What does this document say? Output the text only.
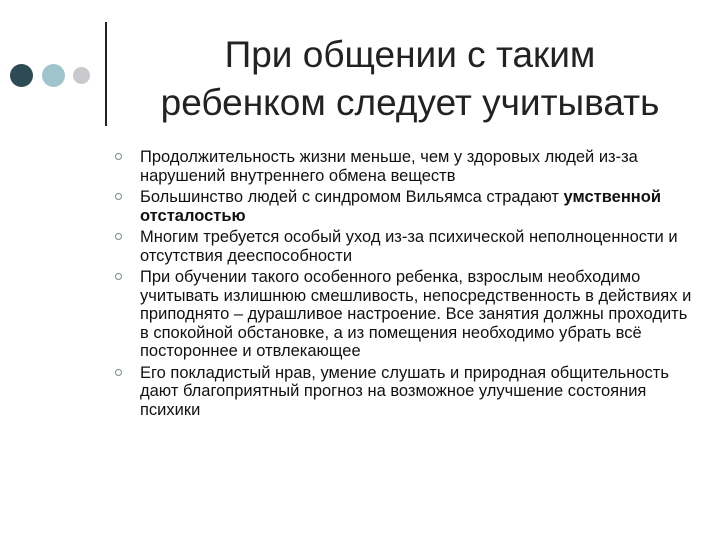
При общении с таким
ребенком следует учитывать
Продолжительность жизни меньше, чем у здоровых людей из-за нарушений внутреннего обмена веществ
Большинство людей с синдромом Вильямса страдают умственной отсталостью
Многим требуется особый уход из-за психической неполноценности и отсутствия дееспособности
При обучении такого особенного ребенка, взрослым необходимо учитывать излишнюю смешливость, непосредственность в действиях и приподнято – дурашливое настроение. Все занятия должны проходить в спокойной обстановке, а из помещения необходимо убрать всё постороннее и отвлекающее
Его покладистый нрав, умение слушать и природная общительность дают благоприятный прогноз на возможное улучшение состояния психики
